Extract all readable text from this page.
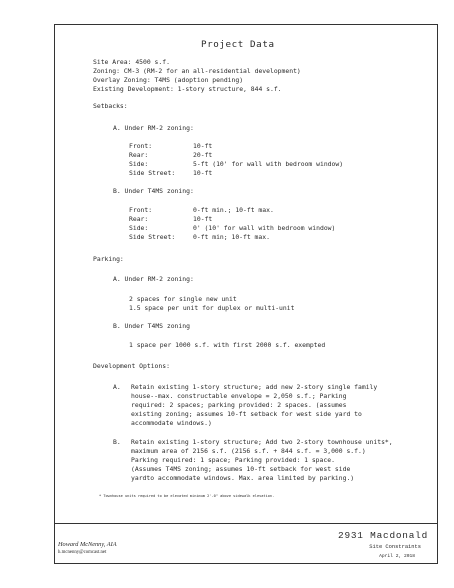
Project Data
Site Area: 4500 s.f.
Zoning: CM-3 (RM-2 for an all-residential development)
Overlay Zoning: T4MS (adoption pending)
Existing Development: 1-story structure, 844 s.f.
Setbacks:
A. Under RM-2 zoning:
Front:	10-ft
Rear:	20-ft
Side:	5-ft (10' for wall with bedroom window)
Side Street:	10-ft
B. Under T4MS zoning:
Front:	0-ft min.; 10-ft max.
Rear:	10-ft
Side:	0' (10' for wall with bedroom window)
Side Street:	0-ft min; 10-ft max.
Parking:
A. Under RM-2 zoning:
2 spaces for single new unit
1.5 space per unit for duplex or multi-unit
B. Under T4MS zoning
1 space per 1000 s.f. with first 2000 s.f. exempted
Development Options:
A. Retain existing 1-story structure; add new 2-story single family
house--max. constructable envelope = 2,050 s.f.; Parking
required: 2 spaces; parking provided: 2 spaces. (assumes
existing zoning; assumes 10-ft setback for west side yard to
accommodate windows.)
B. Retain existing 1-story structure; Add two 2-story townhouse units*,
maximum area of 2156 s.f. (2156 s.f. + 844 s.f. = 3,000 s.f.)
Parking required: 1 space; Parking provided: 1 space.
(Assumes T4MS zoning; assumes 10-ft setback for west side
yardto accommodate windows. Max. area limited by parking.)
* Townhouse units required to be elevated minimum 2'-0" above sidewalk elevation.
Howard McNenny, AIA
h.mcnenny@comcast.net
2931 Macdonald
Site Constraints
April 2, 2018
